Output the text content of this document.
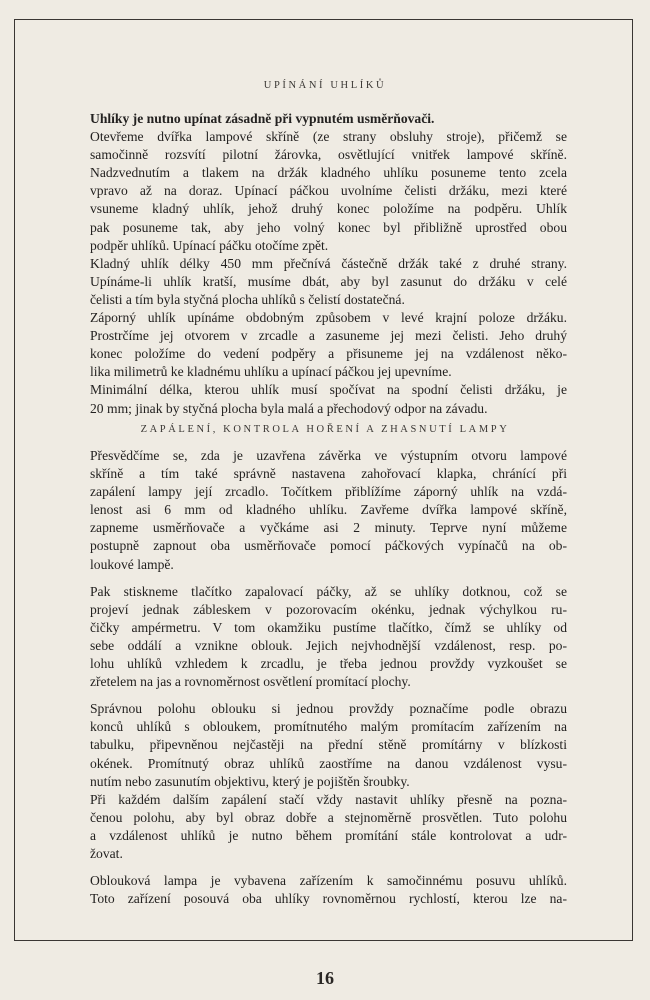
UPÍNÁNÍ UHLÍKŮ
Uhlíky je nutno upínat zásadně při vypnutém usměrňovači.
Otevřeme dvířka lampové skříně (ze strany obsluhy stroje), přičemž se
samočinně rozsvítí pilotní žárovka, osvětlující vnitřek lampové skříně.
Nadzvednutím a tlakem na držák kladného uhlíku posuneme tento zcela
vpravo až na doraz. Upínací páčkou uvolníme čelisti držáku, mezi které
vsuneme kladný uhlík, jehož druhý konec položíme na podpěru. Uhlík
pak posuneme tak, aby jeho volný konec byl přibližně uprostřed obou
podpěr uhlíků. Upínací páčku otočíme zpět.
Kladný uhlík délky 450 mm přečnívá částečně držák také z druhé strany.
Upínáme-li uhlík kratší, musíme dbát, aby byl zasunut do držáku v celé
čelisti a tím byla styčná plocha uhlíků s čelistí dostatečná.
Záporný uhlík upínáme obdobným způsobem v levé krajní poloze držáku.
Prostrčíme jej otvorem v zrcadle a zasuneme jej mezi čelisti. Jeho druhý
konec položíme do vedení podpěry a přisuneme jej na vzdálenost něko-
lika milimetrů ke kladnému uhlíku a upínací páčkou jej upevníme.
Minimální délka, kterou uhlík musí spočívat na spodní čelisti držáku, je
20 mm; jinak by styčná plocha byla malá a přechodový odpor na závadu.
ZAPÁLENÍ, KONTROLA HOŘENÍ A ZHASNUTÍ LAMPY
Přesvědčíme se, zda je uzavřena závěrka ve výstupním otvoru lampové
skříně a tím také správně nastavena zahořovací klapka, chránící při
zapálení lampy její zrcadlo. Točítkem přiblížíme záporný uhlík na vzdá-
lenost asi 6 mm od kladného uhlíku. Zavřeme dvířka lampové skříně,
zapneme usměrňovače a vyčkáme asi 2 minuty. Teprve nyní můžeme
postupně zapnout oba usměrňovače pomocí páčkových vypínačů na ob-
loukové lampě.
Pak stiskneme tlačítko zapalovací páčky, až se uhlíky dotknou, což se
projeví jednak zábleskem v pozorovacím okénku, jednak výchylkou ru-
čičky ampérmetru. V tom okamžiku pustíme tlačítko, čímž se uhlíky od
sebe oddálí a vznikne oblouk. Jejich nejvhodnější vzdálenost, resp. po-
lohu uhlíků vzhledem k zrcadlu, je třeba jednou provždy vyzkoušet se
zřetelem na jas a rovnoměrnost osvětlení promítací plochy.
Správnou polohu oblouku si jednou provždy poznačíme podle obrazu
konců uhlíků s obloukem, promítnutého malým promítacím zařízením na
tabulku, připevněnou nejčastěji na přední stěně promítárny v blízkosti
okének. Promítnutý obraz uhlíků zaostříme na danou vzdálenost vysu-
nutím nebo zasunutím objektivu, který je pojištěn šroubky.
Při každém dalším zapálení stačí vždy nastavit uhlíky přesně na pozna-
čenou polohu, aby byl obraz dobře a stejnoměrně prosvětlen. Tuto polohu
a vzdálenost uhlíků je nutno během promítání stále kontrolovat a udr-
žovat.
Oblouková lampa je vybavena zařízením k samočinnému posuvu uhlíků.
Toto zařízení posouvá oba uhlíky rovnoměrnou rychlostí, kterou lze na-
16
